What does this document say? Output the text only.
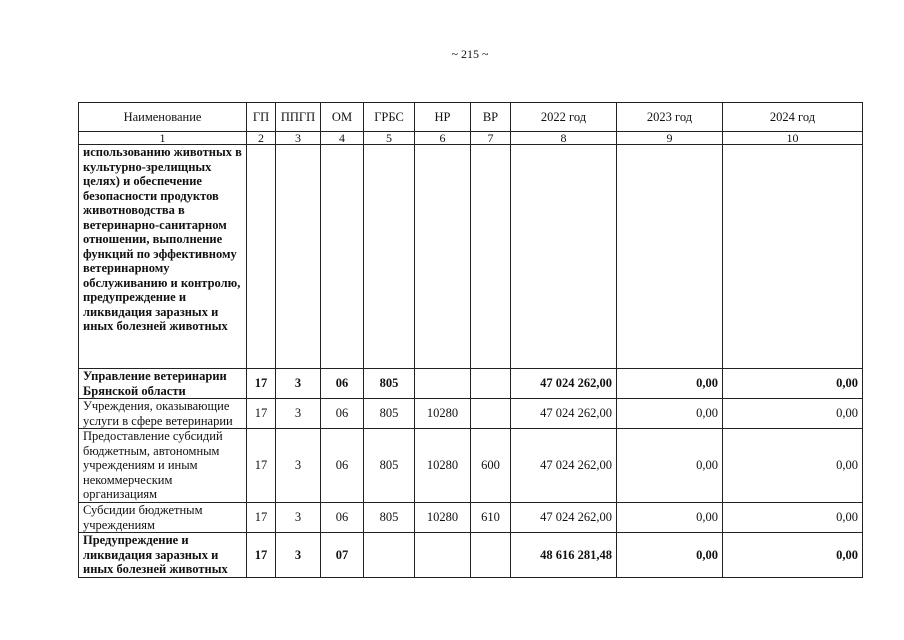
~ 215 ~
Наименование	ГП	ППГП	ОМ	ГРБС	НР	ВР	2022 год	2023 год	2024 год
1	2	3	4	5	6	7	8	9	10
использованию животных в культурно-зрелищных целях) и обеспечение безопасности продуктов животноводства в ветеринарно-санитарном отношении, выполнение функций по эффективному ветеринарному обслуживанию и контролю, предупреждение и ликвидация заразных и иных болезней животных									
Управление ветеринарии Брянской области	17	3	06	805			47 024 262,00	0,00	0,00
Учреждения, оказывающие услуги в сфере ветеринарии	17	3	06	805	10280		47 024 262,00	0,00	0,00
Предоставление субсидий бюджетным, автономным учреждениям и иным некоммерческим организациям	17	3	06	805	10280	600	47 024 262,00	0,00	0,00
Субсидии бюджетным учреждениям	17	3	06	805	10280	610	47 024 262,00	0,00	0,00
Предупреждение и ликвидация заразных и иных болезней животных	17	3	07				48 616 281,48	0,00	0,00
